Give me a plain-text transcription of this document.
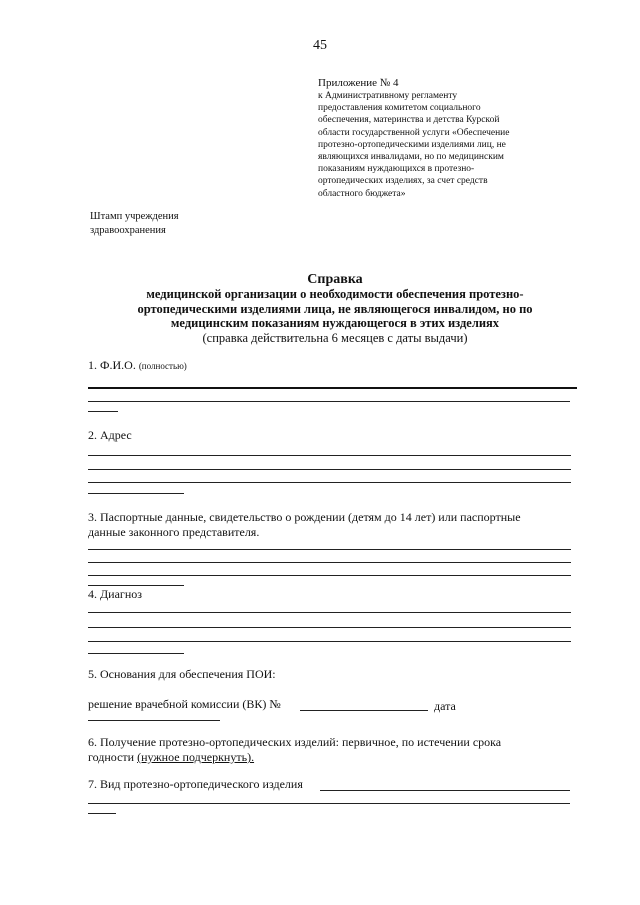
45
Приложение № 4
к Административному регламенту
предоставления комитетом социального
обеспечения, материнства и детства Курской
области государственной услуги «Обеспечение
протезно-ортопедическими изделиями лиц, не
являющихся инвалидами, но по медицинским
показаниям нуждающихся в протезно-
ортопедических изделиях, за счет средств
областного бюджета»
Штамп учреждения
здравоохранения
Справка
медицинской организации о необходимости обеспечения протезно-
ортопедическими изделиями лица, не являющегося инвалидом, но по
медицинским показаниям нуждающегося в этих изделиях
(справка действительна 6 месяцев с даты выдачи)
1. Ф.И.О. (полностью)
2. Адрес
3. Паспортные данные, свидетельство о рождении (детям до 14 лет) или паспортные
данные законного представителя.
4. Диагноз
5. Основания для обеспечения ПОИ:
решение врачебной комиссии (ВК) №	дата
6. Получение протезно-ортопедических изделий: первичное, по истечении срока
годности (нужное подчеркнуть).
7. Вид протезно-ортопедического изделия
